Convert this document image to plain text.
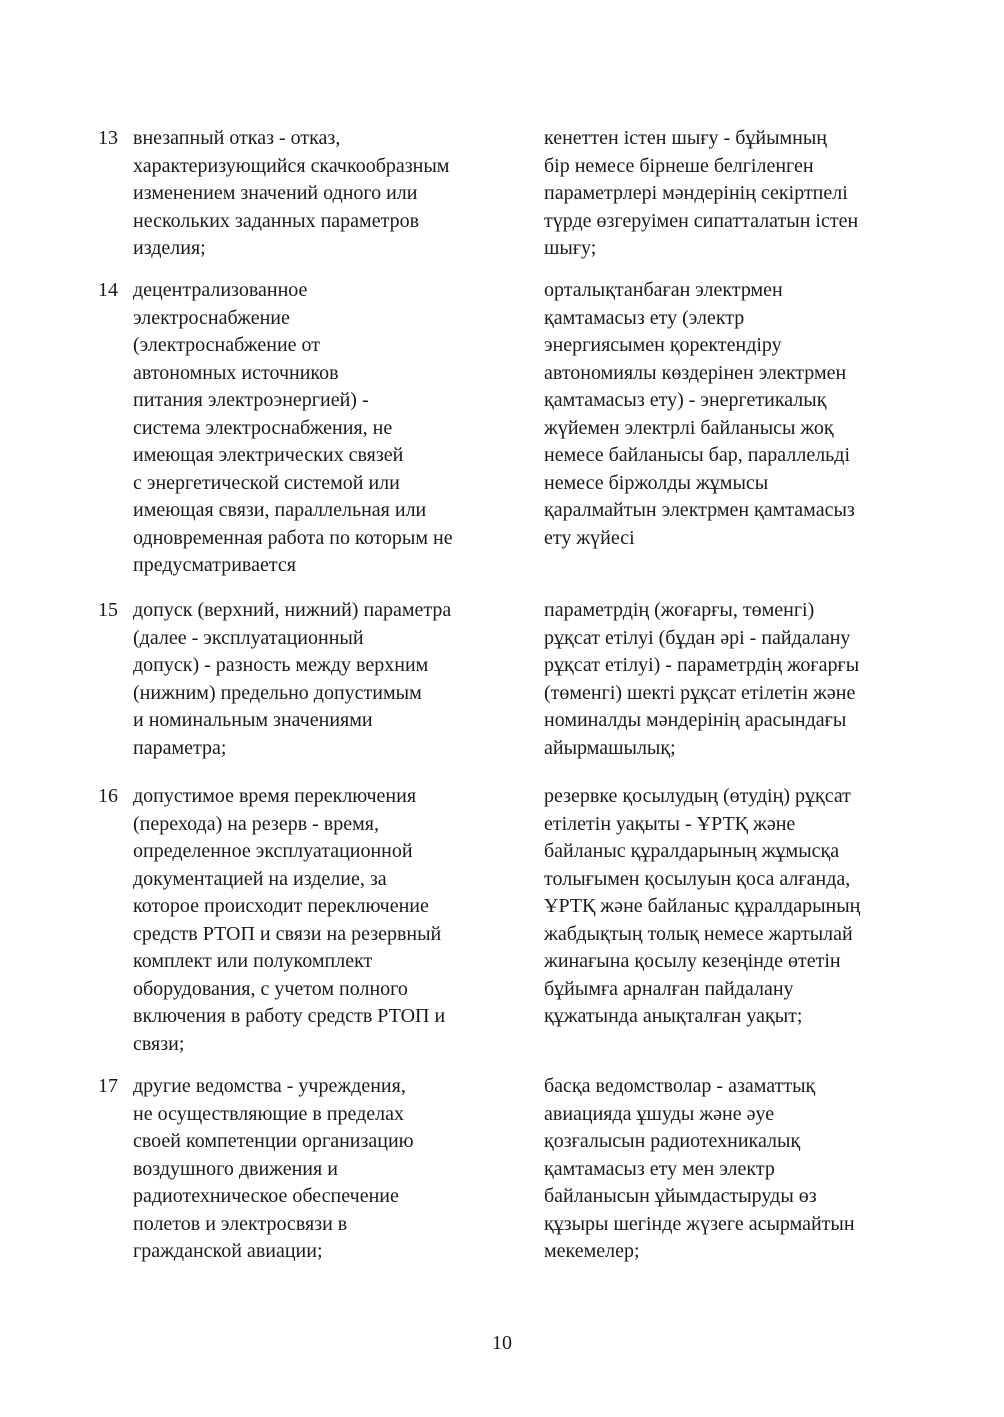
13 внезапный отказ - отказ,
характеризующийся скачкообразным
изменением значений одного или
нескольких заданных параметров
изделия;

кенеттен істен шығу - бұйымның
бір немесе бірнеше белгіленген
параметрлері мәндерінің секіртпелі
түрде өзгеруімен сипатталатын істен
шығу;

14 децентрализованное
электроснабжение
(электроснабжение от
автономных источников
питания электроэнергией) -
система электроснабжения, не
имеющая электрических связей
с энергетической системой или
имеющая связи, параллельная или
одновременная работа по которым не
предусматривается

орталықтанбаған электрмен
қамтамасыз ету (электр
энергиясымен қоректендіру
автономиялы көздерінен электрмен
қамтамасыз ету) - энергетикалық
жүйемен электрлі байланысы жоқ
немесе байланысы бар, параллельді
немесе біржолды жұмысы
қаралмайтын электрмен қамтамасыз
ету жүйесі

15 допуск (верхний, нижний) параметра
(далее - эксплуатационный
допуск) - разность между верхним
(нижним) предельно допустимым
и номинальным значениями
параметра;

параметрдің (жоғарғы, төменгі)
рұқсат етілуі (бұдан әрі - пайдалану
рұқсат етілуі) - параметрдің жоғарғы
(төменгі) шекті рұқсат етілетін және
номиналды мәндерінің арасындағы
айырмашылық;

16 допустимое время переключения
(перехода) на резерв - время,
определенное эксплуатационной
документацией на изделие, за
которое происходит переключение
средств РТОП и связи на резервный
комплект или полукомплект
оборудования, с учетом полного
включения в работу средств РТОП и
связи;

резервке қосылудың (өтудің) рұқсат
етілетін уақыты - ҰРТҚ және
байланыс құралдарының жұмысқа
толығымен қосылуын қоса алғанда,
ҰРТҚ және байланыс құралдарының
жабдықтың толық немесе жартылай
жинағына қосылу кезеңінде өтетін
бұйымға арналған пайдалану
құжатында анықталған уақыт;

17 другие ведомства - учреждения,
не осуществляющие в пределах
своей компетенции организацию
воздушного движения и
радиотехническое обеспечение
полетов и электросвязи в
гражданской авиации;

басқа ведомстволар - азаматтық
авиацияда ұшуды және әуе
қозғалысын радиотехникалық
қамтамасыз ету мен электр
байланысын ұйымдастыруды өз
құзыры шегінде жүзеге асырмайтын
мекемелер;

10
